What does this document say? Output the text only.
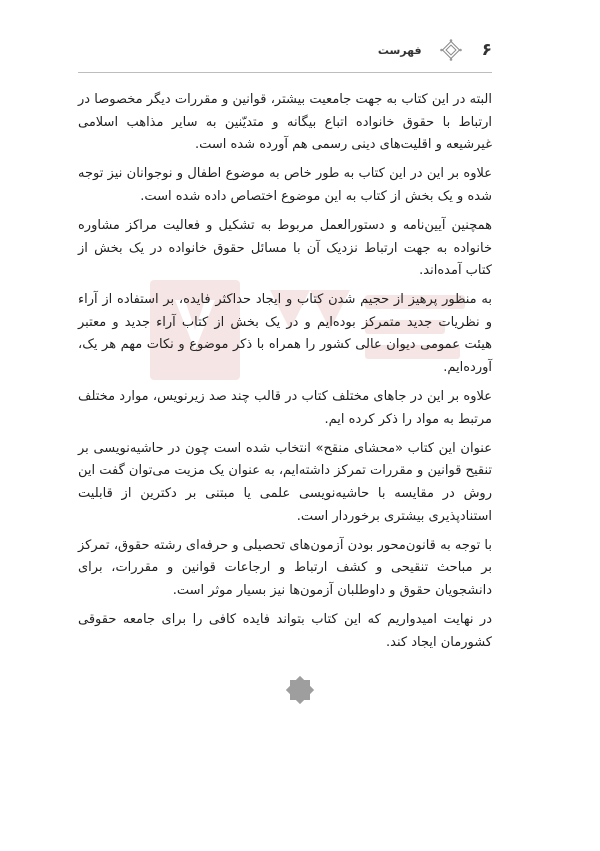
۶
فهرست

البته در این کتاب به جهت جامعیت بیشتر، قوانین و مقررات دیگر مخصوصا در ارتباط با حقوق خانواده اتباع بیگانه و متدیّنین به سایر مذاهب اسلامی غیرشیعه و اقلیت‌های دینی رسمی هم آورده شده است.

علاوه بر این در این کتاب به طور خاص به موضوع اطفال و نوجوانان نیز توجه شده و یک بخش از کتاب به این موضوع اختصاص داده شده است.

همچنین آیین‌نامه و دستورالعمل مربوط به تشکیل و فعالیت مراکز مشاوره خانواده به جهت ارتباط نزدیک آن با مسائل حقوق خانواده در یک بخش از کتاب آمده‌اند.

به منظور پرهیز از حجیم شدن کتاب و ایجاد حداکثر فایده، بر استفاده از آراء و نظریات جدید متمرکز بوده‌ایم و در یک بخش از کتاب آراء جدید و معتبر هیئت عمومی دیوان عالی کشور را همراه با ذکر موضوع و نکات مهم هر یک، آورده‌ایم.

علاوه بر این در جاهای مختلف کتاب در قالب چند صد زیرنویس، موارد مختلف مرتبط به مواد را ذکر کرده ایم.

عنوان این کتاب «محشای منقح» انتخاب شده است چون در حاشیه‌نویسی بر تنقیح قوانین و مقررات تمرکز داشته‌ایم، به عنوان یک مزیت می‌توان گفت این روش در مقایسه با حاشیه‌نویسی علمی یا مبتنی بر دکترین از قابلیت استنادپذیری بیشتری برخوردار است.

با توجه به قانون‌محور بودن آزمون‌های تحصیلی و حرفه‌ای رشته حقوق، تمرکز بر مباحث تنقیحی و کشف ارتباط و ارجاعات قوانین و مقررات، برای دانشجویان حقوق و داوطلبان آزمون‌ها نیز بسیار موثر است.

در نهایت امیدواریم که این کتاب بتواند فایده کافی را برای جامعه حقوقی کشورمان ایجاد کند.
